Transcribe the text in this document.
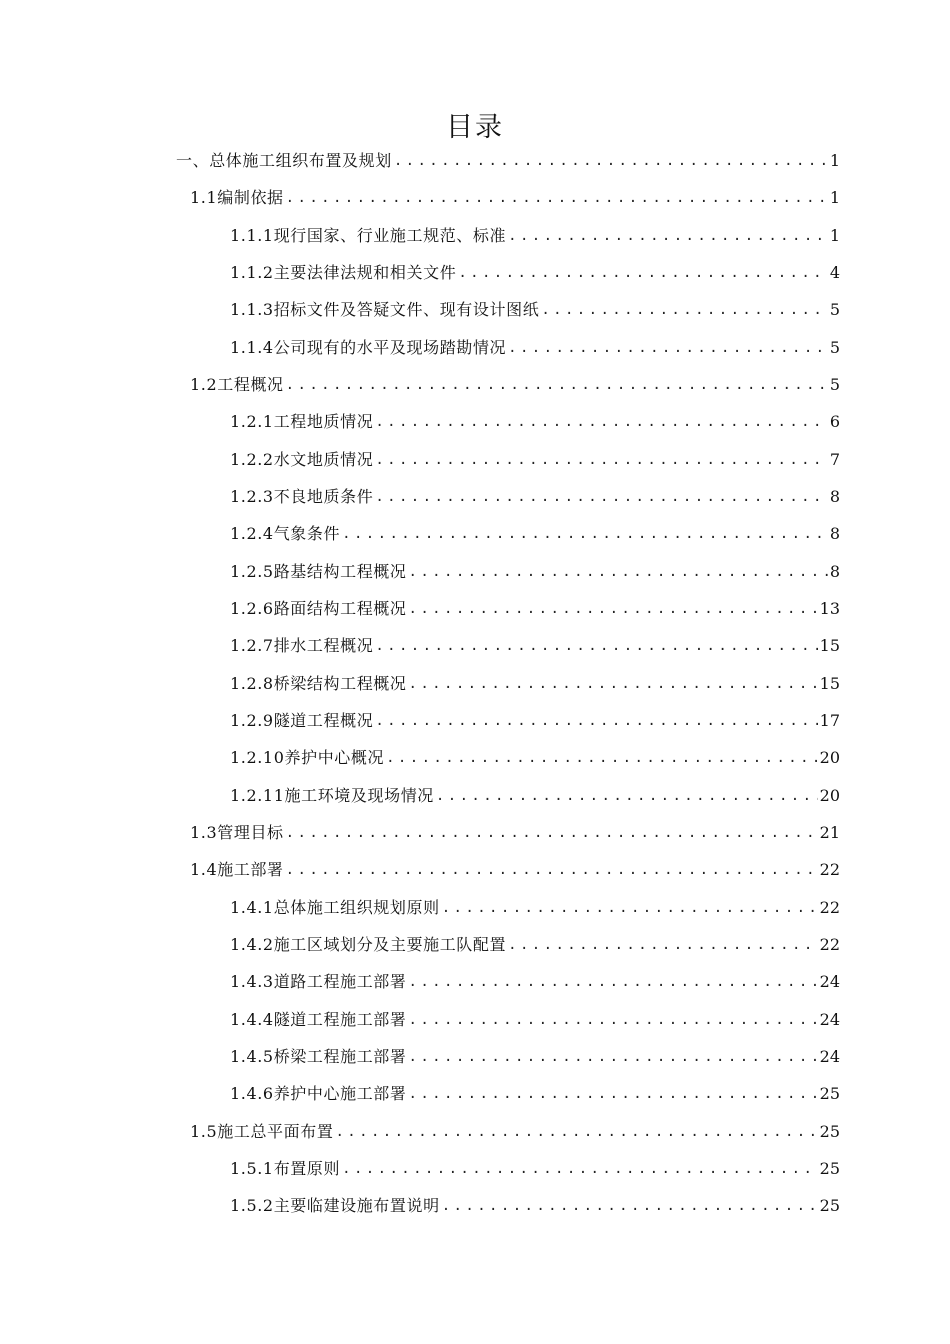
目录
一、总体施工组织布置及规划 .....	1
1.1编制依据 .....	1
1.1.1现行国家、行业施工规范、标准 .....	1
1.1.2主要法律法规和相关文件 .....	4
1.1.3招标文件及答疑文件、现有设计图纸 .....	5
1.1.4公司现有的水平及现场踏勘情况 .....	5
1.2工程概况 .....	5
1.2.1工程地质情况 .....	6
1.2.2水文地质情况 .....	7
1.2.3不良地质条件 .....	8
1.2.4气象条件 .....	8
1.2.5路基结构工程概况 .....	8
1.2.6路面结构工程概况 .....	13
1.2.7排水工程概况 .....	15
1.2.8桥梁结构工程概况 .....	15
1.2.9隧道工程概况 .....	17
1.2.10养护中心概况 .....	20
1.2.11施工环境及现场情况 .....	20
1.3管理目标 .....	21
1.4施工部署 .....	22
1.4.1总体施工组织规划原则 .....	22
1.4.2施工区域划分及主要施工队配置 .....	22
1.4.3道路工程施工部署 .....	24
1.4.4隧道工程施工部署 .....	24
1.4.5桥梁工程施工部署 .....	24
1.4.6养护中心施工部署 .....	25
1.5施工总平面布置 .....	25
1.5.1布置原则 .....	25
1.5.2主要临建设施布置说明 .....	25
